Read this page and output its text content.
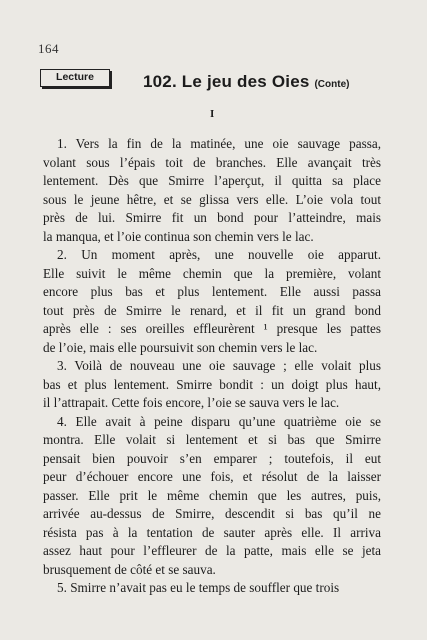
164
Lecture	102. Le jeu des Oies (Conte)
I
1. Vers la fin de la matinée, une oie sauvage passa,
volant sous l’épais toit de branches. Elle avançait très
lentement. Dès que Smirre l’aperçut, il quitta sa place
sous le jeune hêtre, et se glissa vers elle. L’oie vola tout
près de lui. Smirre fit un bond pour l’atteindre, mais
la manqua, et l’oie continua son chemin vers le lac.
2. Un moment après, une nouvelle oie apparut.
Elle suivit le même chemin que la première, volant
encore plus bas et plus lentement. Elle aussi passa
tout près de Smirre le renard, et il fit un grand bond
après elle : ses oreilles effleurèrent ¹ presque les pattes
de l’oie, mais elle poursuivit son chemin vers le lac.
3. Voilà de nouveau une oie sauvage ; elle volait plus
bas et plus lentement. Smirre bondit : un doigt plus haut,
il l’attrapait. Cette fois encore, l’oie se sauva vers le lac.
4. Elle avait à peine disparu qu’une quatrième oie se
montra. Elle volait si lentement et si bas que Smirre
pensait bien pouvoir s’en emparer ; toutefois, il eut
peur d’échouer encore une fois, et résolut de la laisser
passer. Elle prit le même chemin que les autres, puis,
arrivée au-dessus de Smirre, descendit si bas qu’il ne
résista pas à la tentation de sauter après elle. Il arriva
assez haut pour l’effleurer de la patte, mais elle se jeta
brusquement de côté et se sauva.
5. Smirre n’avait pas eu le temps de souffler que trois
